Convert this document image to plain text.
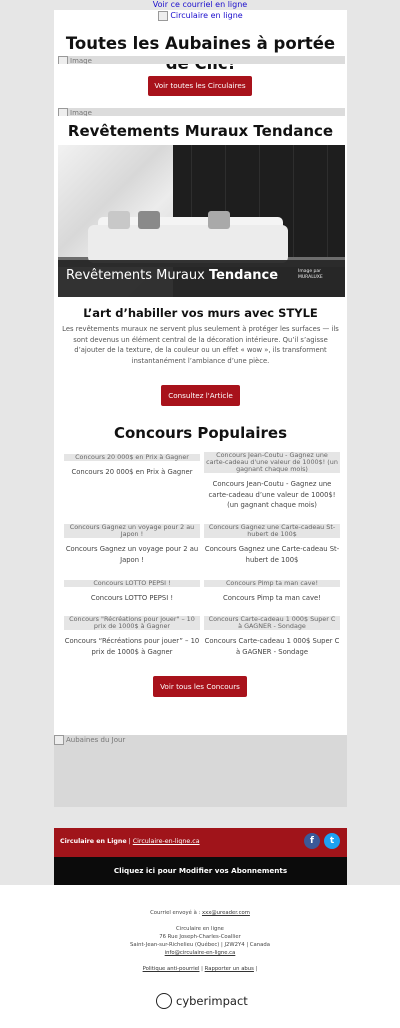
Voir ce courriel en ligne
Circulaire en ligne
Toutes les Aubaines à portée
Image
Voir toutes les Circulaires
Image
Revêtements Muraux Tendance
Revêtements Muraux Tendance	Image par
MURALUXE
L’art d’habiller vos murs avec STYLE
Les revêtements muraux ne servent plus seulement à protéger les surfaces — ils sont devenus un élément central de la décoration intérieure. Qu’il s’agisse d’ajouter de la texture, de la couleur ou un effet « wow », ils transforment instantanément l’ambiance d’une pièce.
Consultez l'Article
Concours Populaires
Concours 20 000$ en Prix à Gagner
Concours 20 000$ en Prix à Gagner
Concours Jean-Coutu - Gagnez une carte-cadeau d'une valeur de 1000$! (un gagnant chaque mois)
Concours Jean-Coutu - Gagnez une carte-cadeau d’une valeur de 1000$! (un gagnant chaque mois)
Concours Gagnez un voyage pour 2 au Japon !
Concours Gagnez un voyage pour 2 au Japon !
Concours Gagnez une Carte-cadeau St-hubert de 100$
Concours Gagnez une Carte-cadeau St-hubert de 100$
Concours LOTTO PEPSI !
Concours LOTTO PEPSI !
Concours Pimp ta man cave!
Concours Pimp ta man cave!
Concours "Récréations pour jouer" – 10 prix de 1000$ à Gagner
Concours “Récréations pour jouer” – 10 prix de 1000$ à Gagner
Concours Carte-cadeau 1 000$ Super C à GAGNER - Sondage
Concours Carte-cadeau 1 000$ Super C à GAGNER - Sondage
Voir tous les Concours
Aubaines du Jour
Circulaire en Ligne | Circulaire-en-ligne.ca	f	t
Cliquez ici pour Modifier vos Abonnements
Courriel envoyé à : xxx@ureader.com
Circulaire en ligne
76 Rue Joseph-Charles-Coallier
Saint-Jean-sur-Richelieu (Québec) | J2W2Y4 | Canada
info@circulaire-en-ligne.ca
Politique anti-pourriel | Rapporter un abus |
cyberimpact
